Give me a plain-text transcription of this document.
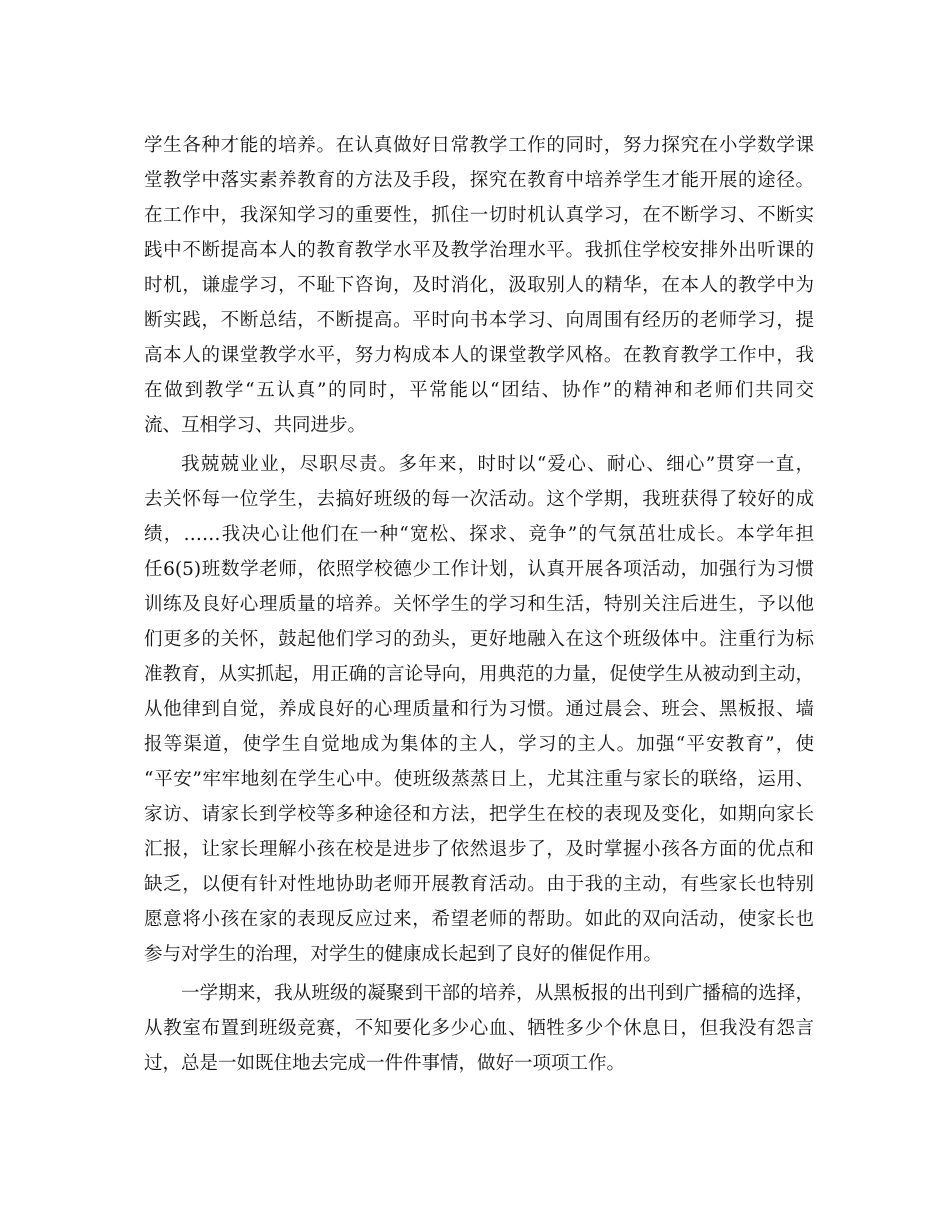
学生各种才能的培养。在认真做好日常教学工作的同时，努力探究在小学数学课
堂教学中落实素养教育的方法及手段，探究在教育中培养学生才能开展的途径。
在工作中，我深知学习的重要性，抓住一切时机认真学习，在不断学习、不断实
践中不断提高本人的教育教学水平及教学治理水平。我抓住学校安排外出听课的
时机，谦虚学习，不耻下咨询，及时消化，汲取别人的精华，在本人的教学中为
断实践，不断总结，不断提高。平时向书本学习、向周围有经历的老师学习，提
高本人的课堂教学水平，努力构成本人的课堂教学风格。在教育教学工作中，我
在做到教学“五认真”的同时，平常能以“团结、协作”的精神和老师们共同交
流、互相学习、共同进步。
我兢兢业业，尽职尽责。多年来，时时以“爱心、耐心、细心”贯穿一直，
去关怀每一位学生，去搞好班级的每一次活动。这个学期，我班获得了较好的成
绩，……我决心让他们在一种“宽松、探求、竞争”的气氛茁壮成长。本学年担
任6(5)班数学老师，依照学校德少工作计划，认真开展各项活动，加强行为习惯
训练及良好心理质量的培养。关怀学生的学习和生活，特别关注后进生，予以他
们更多的关怀，鼓起他们学习的劲头，更好地融入在这个班级体中。注重行为标
准教育，从实抓起，用正确的言论导向，用典范的力量，促使学生从被动到主动，
从他律到自觉，养成良好的心理质量和行为习惯。通过晨会、班会、黑板报、墙
报等渠道，使学生自觉地成为集体的主人，学习的主人。加强“平安教育”，使
“平安”牢牢地刻在学生心中。使班级蒸蒸日上，尤其注重与家长的联络，运用、
家访、请家长到学校等多种途径和方法，把学生在校的表现及变化，如期向家长
汇报，让家长理解小孩在校是进步了依然退步了，及时掌握小孩各方面的优点和
缺乏，以便有针对性地协助老师开展教育活动。由于我的主动，有些家长也特别
愿意将小孩在家的表现反应过来，希望老师的帮助。如此的双向活动，使家长也
参与对学生的治理，对学生的健康成长起到了良好的催促作用。
一学期来，我从班级的凝聚到干部的培养，从黑板报的出刊到广播稿的选择，
从教室布置到班级竞赛，不知要化多少心血、牺牲多少个休息日，但我没有怨言
过，总是一如既住地去完成一件件事情，做好一项项工作。
